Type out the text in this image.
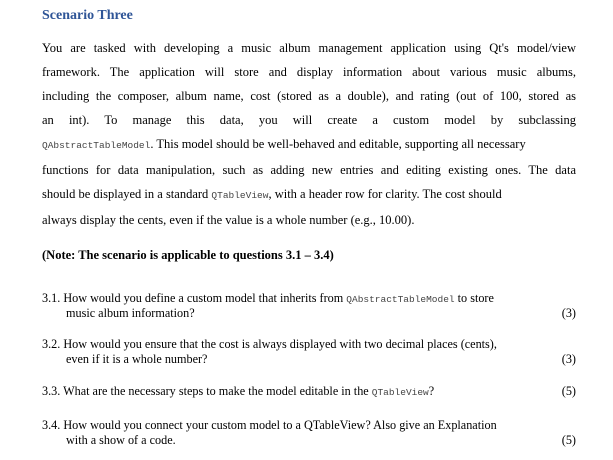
Scenario Three

You are tasked with developing a music album management application using Qt's model/view
framework. The application will store and display information about various music albums,
including the composer, album name, cost (stored as a double), and rating (out of 100, stored as
an int). To manage this data, you will create a custom model by subclassing
QAbstractTableModel. This model should be well-behaved and editable, supporting all necessary
functions for data manipulation, such as adding new entries and editing existing ones. The data
should be displayed in a standard QTableView, with a header row for clarity. The cost should
always display the cents, even if the value is a whole number (e.g., 10.00).

(Note: The scenario is applicable to questions 3.1 – 3.4)
3.1. How would you define a custom model that inherits from QAbstractTableModel to store
music album information?	(3)
3.2. How would you ensure that the cost is always displayed with two decimal places (cents),
even if it is a whole number?	(3)
3.3. What are the necessary steps to make the model editable in the QTableView?	(5)
3.4. How would you connect your custom model to a QTableView? Also give an Explanation
with a show of a code.	(5)
